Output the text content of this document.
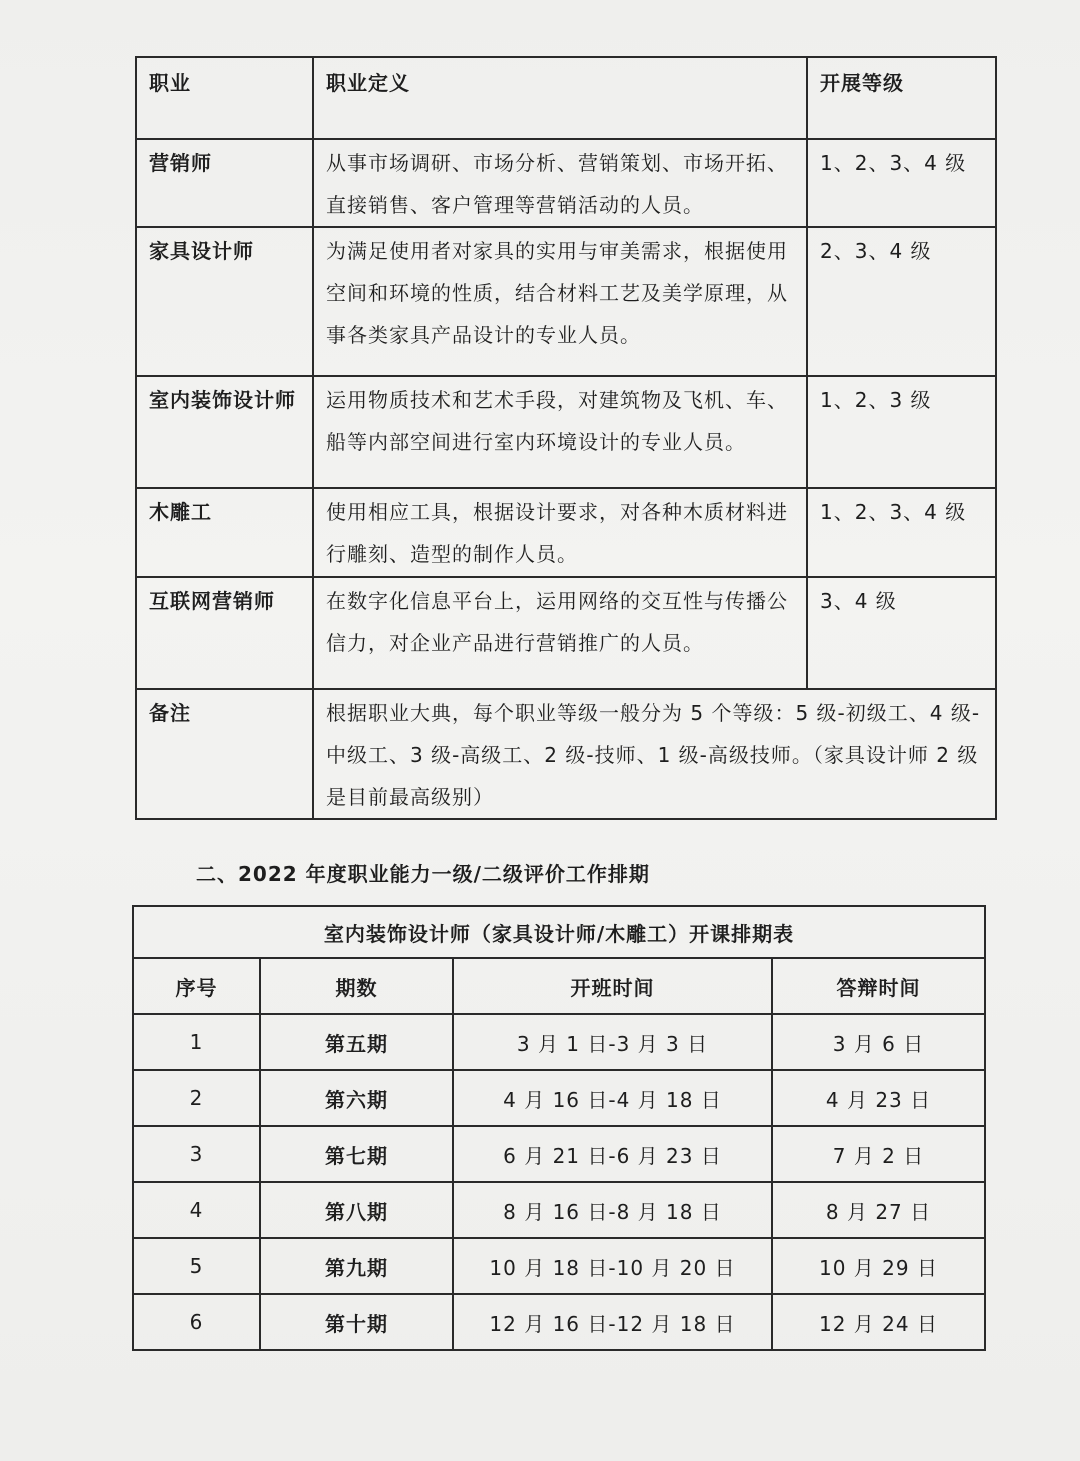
职业	职业定义	开展等级
营销师	从事市场调研、市场分析、营销策划、市场开拓、直接销售、客户管理等营销活动的人员。	1、2、3、4 级
家具设计师	为满足使用者对家具的实用与审美需求，根据使用空间和环境的性质，结合材料工艺及美学原理，从事各类家具产品设计的专业人员。	2、3、4 级
室内装饰设计师	运用物质技术和艺术手段，对建筑物及飞机、车、船等内部空间进行室内环境设计的专业人员。	1、2、3 级
木雕工	使用相应工具，根据设计要求，对各种木质材料进行雕刻、造型的制作人员。	1、2、3、4 级
互联网营销师	在数字化信息平台上，运用网络的交互性与传播公信力，对企业产品进行营销推广的人员。	3、4 级
备注	根据职业大典，每个职业等级一般分为 5 个等级：5 级-初级工、4 级-中级工、3 级-高级工、2 级-技师、1 级-高级技师。（家具设计师 2 级是目前最高级别）	
二、2022 年度职业能力一级/二级评价工作排期
室内装饰设计师（家具设计师/木雕工）开课排期表			
序号	期数	开班时间	答辩时间
1	第五期	3 月 1 日-3 月 3 日	3 月 6 日
2	第六期	4 月 16 日-4 月 18 日	4 月 23 日
3	第七期	6 月 21 日-6 月 23 日	7 月 2 日
4	第八期	8 月 16 日-8 月 18 日	8 月 27 日
5	第九期	10 月 18 日-10 月 20 日	10 月 29 日
6	第十期	12 月 16 日-12 月 18 日	12 月 24 日
